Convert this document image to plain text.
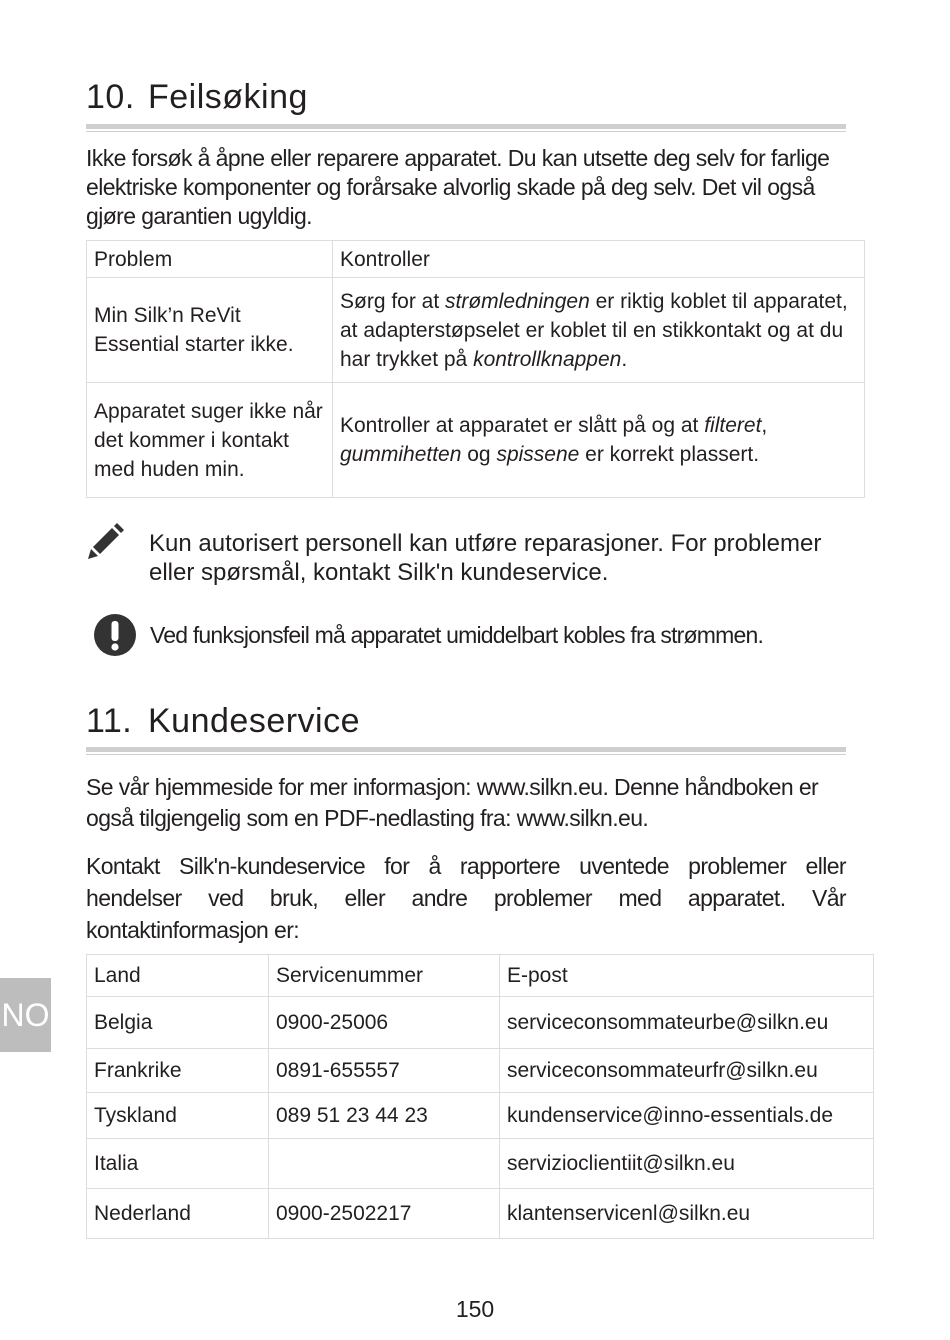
10. Feilsøking

Ikke forsøk å åpne eller reparere apparatet. Du kan utsette deg selv for farlige elektriske komponenter og forårsake alvorlig skade på deg selv. Det vil også gjøre garantien ugyldig.

Problem	Kontroller
Min Silk’n ReVit Essential starter ikke.	Sørg for at strømledningen er riktig koblet til apparatet, at adapterstøpselet er koblet til en stikkontakt og at du har trykket på kontrollknappen.
Apparatet suger ikke når det kommer i kontakt med huden min.	Kontroller at apparatet er slått på og at filteret, gummihetten og spissene er korrekt plassert.

Kun autorisert personell kan utføre reparasjoner. For problemer eller spørsmål, kontakt Silk'n kundeservice.

Ved funksjonsfeil må apparatet umiddelbart kobles fra strømmen.

11. Kundeservice

Se vår hjemmeside for mer informasjon: www.silkn.eu. Denne håndboken er også tilgjengelig som en PDF-nedlasting fra: www.silkn.eu.

Kontakt Silk'n-kundeservice for å rapportere uventede problemer eller hendelser ved bruk, eller andre problemer med apparatet. Vår kontaktinformasjon er:

NO
Land	Servicenummer	E-post
Belgia	0900-25006	serviceconsommateurbe@silkn.eu
Frankrike	0891-655557	serviceconsommateurfr@silkn.eu
Tyskland	089 51 23 44 23	kundenservice@inno-essentials.de
Italia		servizioclientiit@silkn.eu
Nederland	0900-2502217	klantenservicenl@silkn.eu
150
